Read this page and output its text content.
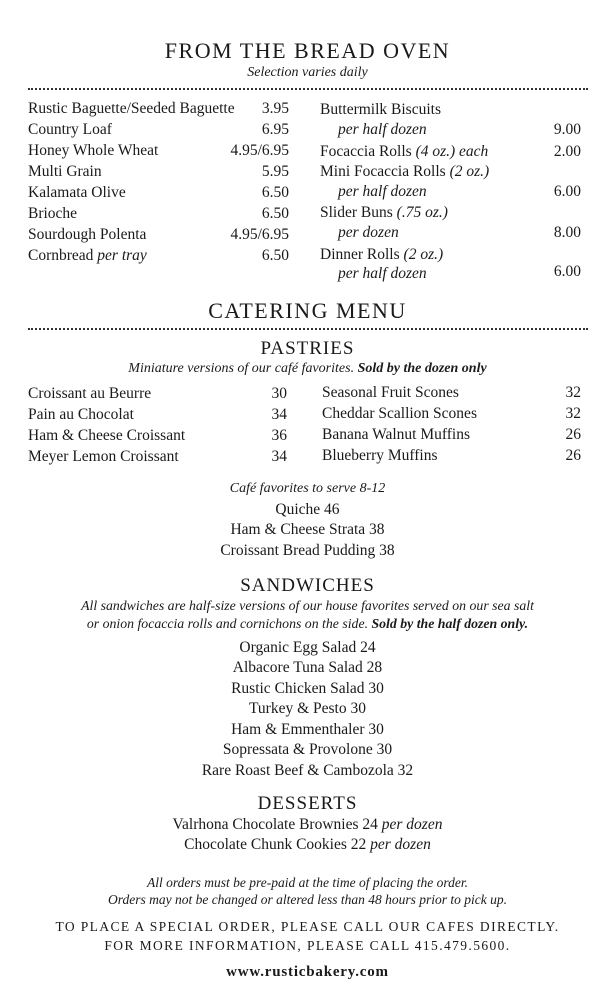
FROM THE BREAD OVEN
Selection varies daily
Rustic Baguette/Seeded Baguette 3.95
Country Loaf	6.95
Honey Whole Wheat	4.95/6.95
Multi Grain	5.95
Kalamata Olive	6.50
Brioche	6.50
Sourdough Polenta	4.95/6.95
Cornbread per tray	6.50
Buttermilk Biscuits
per half dozen	9.00
Focaccia Rolls (4 oz.) each	2.00
Mini Focaccia Rolls (2 oz.)
per half dozen	6.00
Slider Buns (.75 oz.)
per dozen	8.00
Dinner Rolls (2 oz.)
per half dozen	6.00
CATERING MENU
PASTRIES
Miniature versions of our café favorites. Sold by the dozen only
Croissant au Beurre	30
Pain au Chocolat	34
Ham & Cheese Croissant	36
Meyer Lemon Croissant	34
Seasonal Fruit Scones	32
Cheddar Scallion Scones	32
Banana Walnut Muffins	26
Blueberry Muffins	26
Café favorites to serve 8-12
Quiche 46
Ham & Cheese Strata 38
Croissant Bread Pudding 38
SANDWICHES
All sandwiches are half-size versions of our house favorites served on our sea salt
or onion focaccia rolls and cornichons on the side. Sold by the half dozen only.
Organic Egg Salad 24
Albacore Tuna Salad 28
Rustic Chicken Salad 30
Turkey & Pesto 30
Ham & Emmenthaler 30
Sopressata & Provolone 30
Rare Roast Beef & Cambozola 32
DESSERTS
Valrhona Chocolate Brownies 24 per dozen
Chocolate Chunk Cookies 22 per dozen
All orders must be pre-paid at the time of placing the order.
Orders may not be changed or altered less than 48 hours prior to pick up.
TO PLACE A SPECIAL ORDER, PLEASE CALL OUR CAFES DIRECTLY.
FOR MORE INFORMATION, PLEASE CALL 415.479.5600.
www.rusticbakery.com
